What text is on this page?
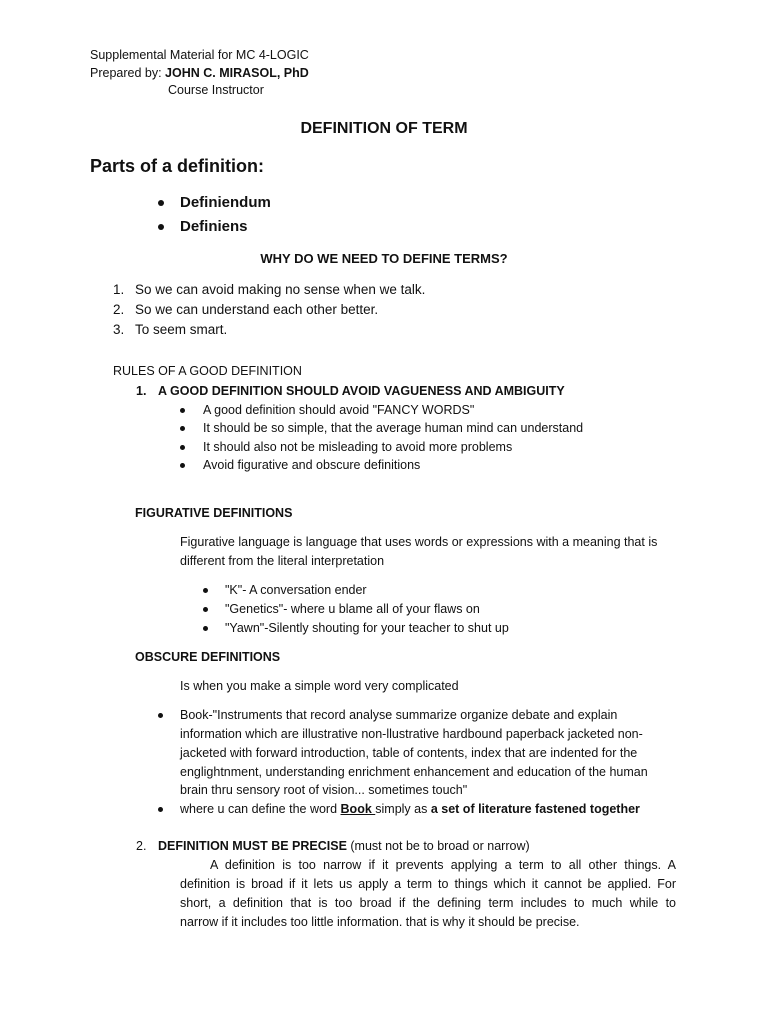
Supplemental Material for MC 4-LOGIC
Prepared by: JOHN C. MIRASOL, PhD
Course Instructor
DEFINITION OF TERM
Parts of a definition:
Definiendum
Definiens
WHY DO WE NEED TO DEFINE TERMS?
1. So we can avoid making no sense when we talk.
2. So we can understand each other better.
3. To seem smart.
RULES OF A GOOD DEFINITION
1. A GOOD DEFINITION SHOULD AVOID VAGUENESS AND AMBIGUITY
A good definition should avoid "FANCY WORDS"
It should be so simple, that the average human mind can understand
It should also not be misleading to avoid more problems
Avoid figurative and obscure definitions
FIGURATIVE DEFINITIONS
Figurative language is language that uses words or expressions with a meaning that is
different from the literal interpretation
"K"- A conversation ender
"Genetics"- where u blame all of your flaws on
"Yawn"-Silently shouting for your teacher to shut up
OBSCURE DEFINITIONS
Is when you make a simple word very complicated
Book-"Instruments that record analyse summarize organize debate and explain
information which are illustrative non-llustrative hardbound paperback jacketed non-
jacketed with forward introduction, table of contents, index that are indented for the
englightnment, understanding enrichment enhancement and education of the human
brain thru sensory root of vision... sometimes touch"
where u can define the word Book simply as a set of literature fastened together
2. DEFINITION MUST BE PRECISE (must not be to broad or narrow)
A definition is too narrow if it prevents applying a term to all other things. A
definition is broad if it lets us apply a term to things which it cannot be applied. For
short, a definition that is too broad if the defining term includes to much while to
narrow if it includes too little information. that is why it should be precise.
